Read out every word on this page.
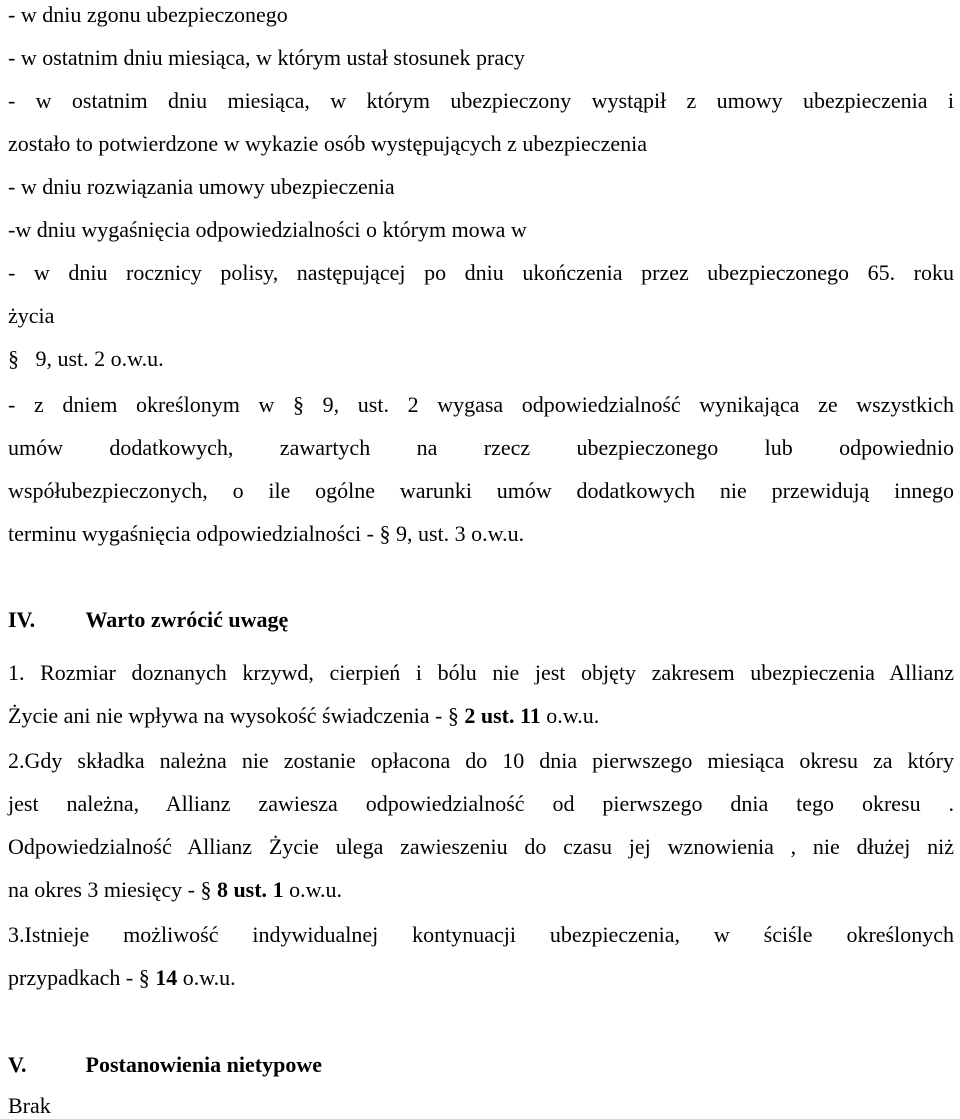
- w dniu zgonu ubezpieczonego
- w ostatnim dniu miesiąca, w którym ustał stosunek pracy
- w ostatnim dniu miesiąca, w którym ubezpieczony wystąpił z umowy ubezpieczenia i
zostało to potwierdzone w wykazie osób występujących z ubezpieczenia
- w dniu rozwiązania umowy ubezpieczenia
-w dniu wygaśnięcia odpowiedzialności o którym mowa w
- w dniu rocznicy polisy, następującej po dniu ukończenia przez ubezpieczonego 65. roku
życia
§ 9, ust. 2 o.w.u.
- z dniem określonym w § 9, ust. 2 wygasa odpowiedzialność wynikająca ze wszystkich
umów dodatkowych, zawartych na rzecz ubezpieczonego lub odpowiednio
współubezpieczonych, o ile ogólne warunki umów dodatkowych nie przewidują innego
terminu wygaśnięcia odpowiedzialności - § 9, ust. 3 o.w.u.
IV. Warto zwrócić uwagę
1. Rozmiar doznanych krzywd, cierpień i bólu nie jest objęty zakresem ubezpieczenia Allianz
Życie ani nie wpływa na wysokość świadczenia - § 2 ust. 11 o.w.u.
2.Gdy składka należna nie zostanie opłacona do 10 dnia pierwszego miesiąca okresu za który
jest należna, Allianz zawiesza odpowiedzialność od pierwszego dnia tego okresu .
Odpowiedzialność Allianz Życie ulega zawieszeniu do czasu jej wznowienia , nie dłużej niż
na okres 3 miesięcy - § 8 ust. 1 o.w.u.
3.Istnieje możliwość indywidualnej kontynuacji ubezpieczenia, w ściśle określonych
przypadkach - § 14 o.w.u.
V.	Postanowienia nietypowe
Brak
